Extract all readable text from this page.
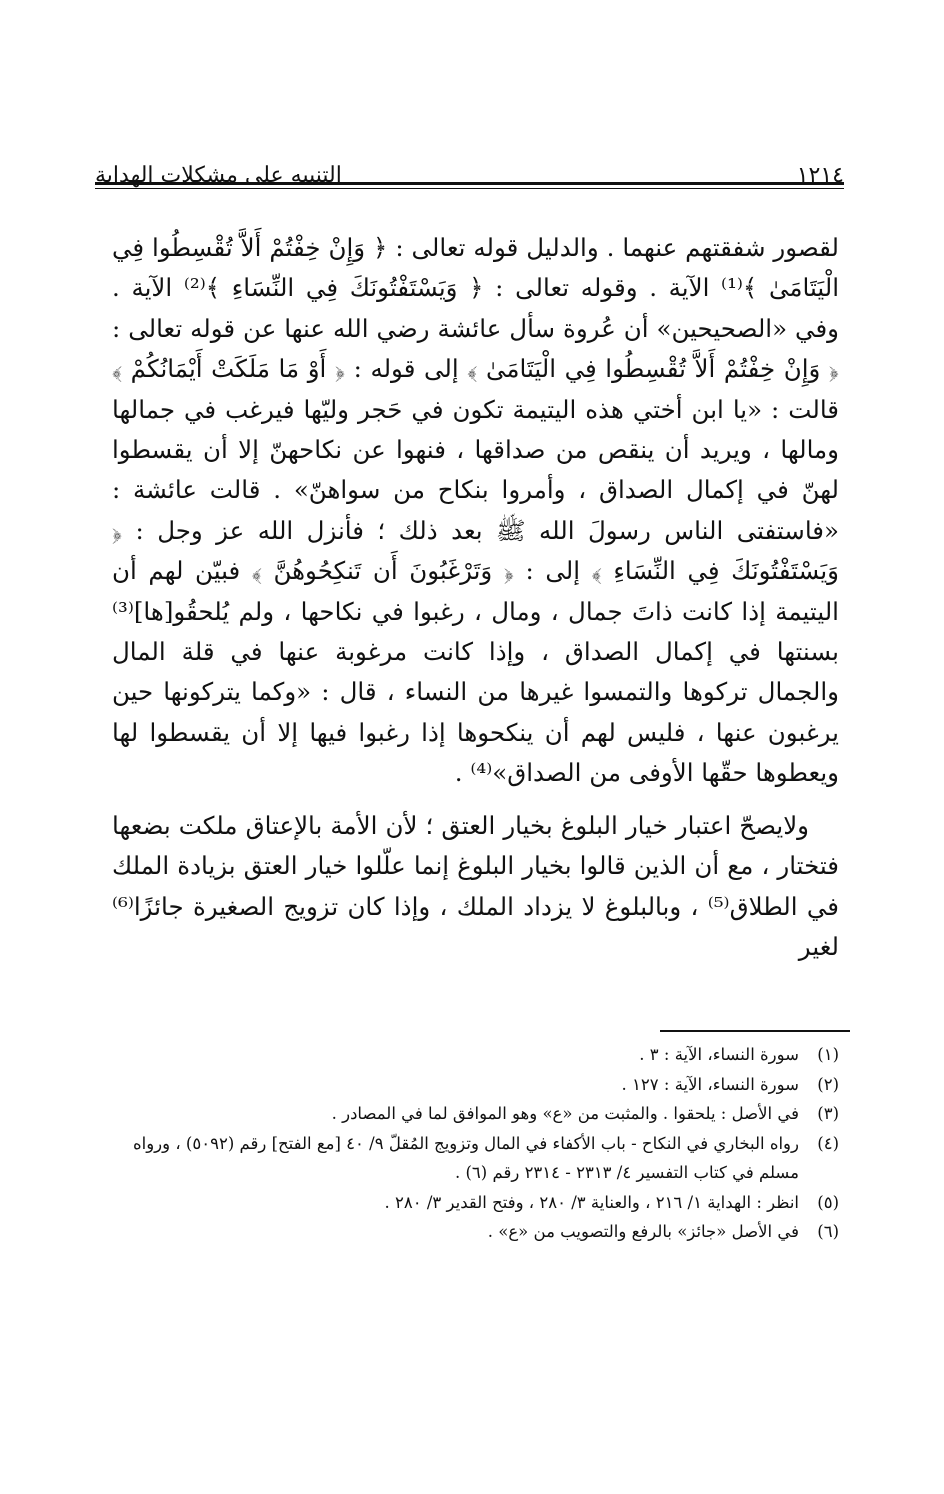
١٢١٤
التنبيه على مشكلات الهداية

لقصور شفقتهم عنهما . والدليل قوله تعالى : ﴿ وَإِنْ خِفْتُمْ أَلاَّ تُقْسِطُوا فِي الْيَتَامَىٰ ﴾⁽¹⁾ الآية . وقوله تعالى : ﴿ وَيَسْتَفْتُونَكَ فِي النِّسَاءِ ﴾⁽²⁾ الآية . وفي «الصحيحين» أن عُروة سأل عائشة رضي الله عنها عن قوله تعالى : ﴿ وَإِنْ خِفْتُمْ أَلاَّ تُقْسِطُوا فِي الْيَتَامَىٰ ﴾ إلى قوله : ﴿ أَوْ مَا مَلَكَتْ أَيْمَانُكُمْ ﴾ قالت : «يا ابن أختي هذه اليتيمة تكون في حَجر وليّها فيرغب في جمالها ومالها ، ويريد أن ينقص من صداقها ، فنهوا عن نكاحهنّ إلا أن يقسطوا لهنّ في إكمال الصداق ، وأمروا بنكاح من سواهنّ» . قالت عائشة : «فاستفتى الناس رسولَ الله ﷺ بعد ذلك ؛ فأنزل الله عز وجل : ﴿ وَيَسْتَفْتُونَكَ فِي النِّسَاءِ ﴾ إلى : ﴿ وَتَرْغَبُونَ أَن تَنكِحُوهُنَّ ﴾ فبيّن لهم أن اليتيمة إذا كانت ذاتَ جمال ، ومال ، رغبوا في نكاحها ، ولم يُلحقُو[ها]⁽³⁾ بسنتها في إكمال الصداق ، وإذا كانت مرغوبة عنها في قلة المال والجمال تركوها والتمسوا غيرها من النساء ، قال : «وكما يتركونها حين يرغبون عنها ، فليس لهم أن ينكحوها إذا رغبوا فيها إلا أن يقسطوا لها ويعطوها حقّها الأوفى من الصداق»⁽⁴⁾ .

ولايصحّ اعتبار خيار البلوغ بخيار العتق ؛ لأن الأمة بالإعتاق ملكت بضعها فتختار ، مع أن الذين قالوا بخيار البلوغ إنما علّلوا خيار العتق بزيادة الملك في الطلاق⁽⁵⁾ ، وبالبلوغ لا يزداد الملك ، وإذا كان تزويج الصغيرة جائزًا⁽⁶⁾ لغير

(١)
سورة النساء، الآية : ٣ .
(٢)
سورة النساء، الآية : ١٢٧ .
(٣)
في الأصل : يلحقوا . والمثبت من «ع» وهو الموافق لما في المصادر .
(٤)
رواه البخاري في النكاح - باب الأكفاء في المال وتزويج المُقلّ ٩/ ٤٠ [مع الفتح] رقم (٥٠٩٢) ، ورواه مسلم في كتاب التفسير ٤/ ٢٣١٣ - ٢٣١٤ رقم (٦) .
(٥)
انظر : الهداية ١/ ٢١٦ ، والعناية ٣/ ٢٨٠ ، وفتح القدير ٣/ ٢٨٠ .
(٦)
في الأصل «جائز» بالرفع والتصويب من «ع» .
